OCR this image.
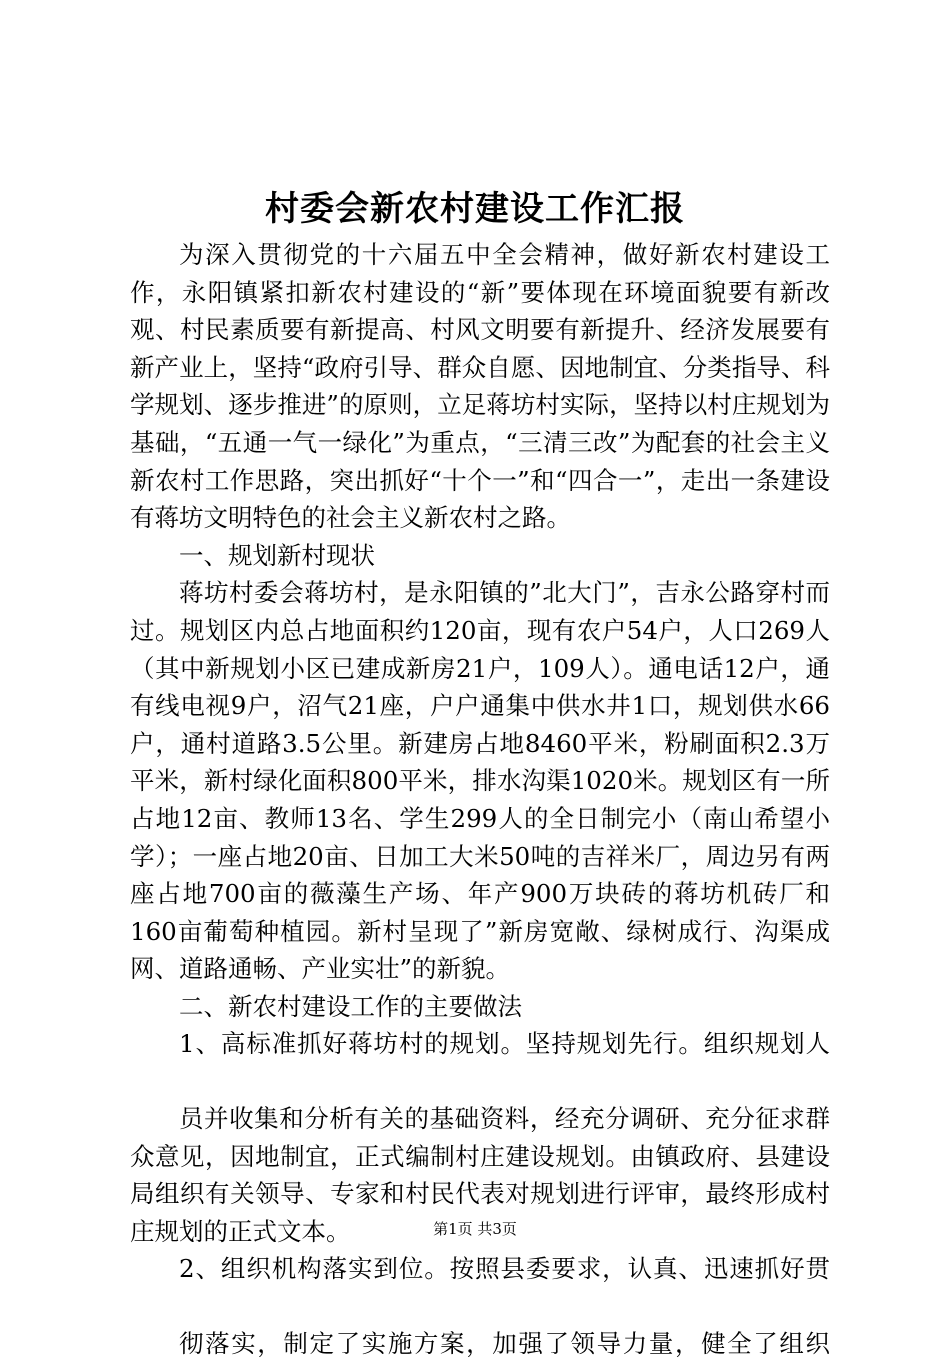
村委会新农村建设工作汇报

为深入贯彻党的十六届五中全会精神，做好新农村建设工作，永阳镇紧扣新农村建设的“新”要体现在环境面貌要有新改观、村民素质要有新提高、村风文明要有新提升、经济发展要有新产业上，坚持“政府引导、群众自愿、因地制宜、分类指导、科学规划、逐步推进”的原则，立足蒋坊村实际，坚持以村庄规划为基础，“五通一气一绿化”为重点，“三清三改”为配套的社会主义新农村工作思路，突出抓好“十个一”和“四合一”，走出一条建设有蒋坊文明特色的社会主义新农村之路。

一、规划新村现状

蒋坊村委会蒋坊村，是永阳镇的”北大门”，吉永公路穿村而过。规划区内总占地面积约120亩，现有农户54户，人口269人（其中新规划小区已建成新房21户，109人）。通电话12户，通有线电视9户，沼气21座，户户通集中供水井1口，规划供水66户，通村道路3.5公里。新建房占地8460平米，粉刷面积2.3万平米，新村绿化面积800平米，排水沟渠1020米。规划区有一所占地12亩、教师13名、学生299人的全日制完小（南山希望小学）；一座占地20亩、日加工大米50吨的吉祥米厂，周边另有两座占地700亩的薇藻生产场、年产900万块砖的蒋坊机砖厂和160亩葡萄种植园。新村呈现了”新房宽敞、绿树成行、沟渠成网、道路通畅、产业实壮”的新貌。

二、新农村建设工作的主要做法

1、高标准抓好蒋坊村的规划。坚持规划先行。组织规划人

员并收集和分析有关的基础资料，经充分调研、充分征求群众意见，因地制宜，正式编制村庄建设规划。由镇政府、县建设局组织有关领导、专家和村民代表对规划进行评审，最终形成村庄规划的正式文本。

2、组织机构落实到位。按照县委要求，认真、迅速抓好贯

彻落实，制定了实施方案，加强了领导力量，健全了组织

第1页 共3页
